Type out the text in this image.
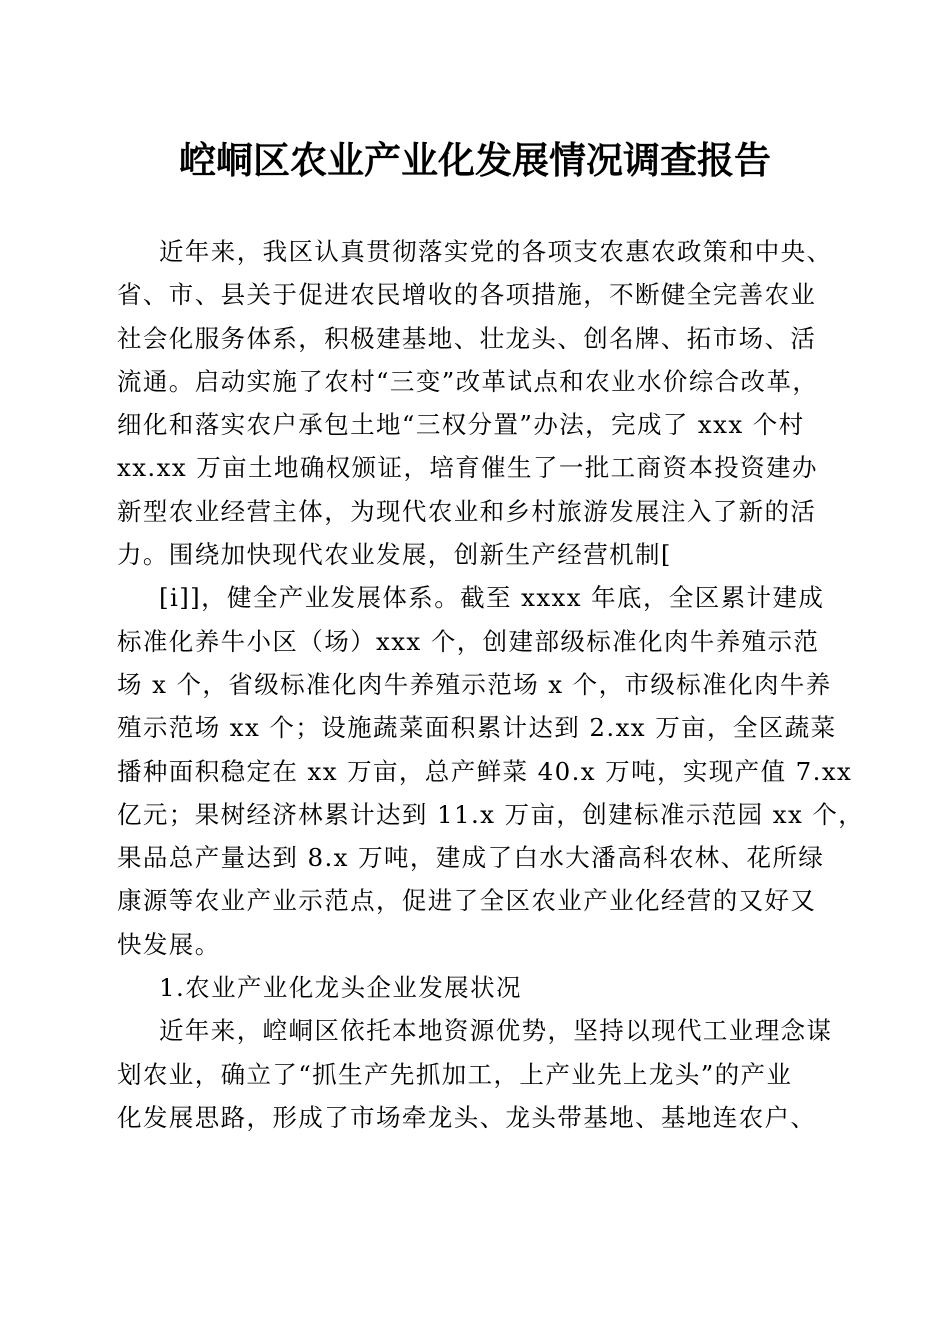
崆峒区农业产业化发展情况调查报告
近年来，我区认真贯彻落实党的各项支农惠农政策和中央、
省、市、县关于促进农民增收的各项措施，不断健全完善农业
社会化服务体系，积极建基地、壮龙头、创名牌、拓市场、活
流通。启动实施了农村“三变”改革试点和农业水价综合改革，
细化和落实农户承包土地“三权分置”办法，完成了 xxx 个村
xx.xx 万亩土地确权颁证，培育催生了一批工商资本投资建办
新型农业经营主体，为现代农业和乡村旅游发展注入了新的活
力。围绕加快现代农业发展，创新生产经营机制[
[i]]，健全产业发展体系。截至 xxxx 年底，全区累计建成
标准化养牛小区（场）xxx 个，创建部级标准化肉牛养殖示范
场 x 个，省级标准化肉牛养殖示范场 x 个，市级标准化肉牛养
殖示范场 xx 个；设施蔬菜面积累计达到 2.xx 万亩，全区蔬菜
播种面积稳定在 xx 万亩，总产鲜菜 40.x 万吨，实现产值 7.xx
亿元；果树经济林累计达到 11.x 万亩，创建标准示范园 xx 个，
果品总产量达到 8.x 万吨，建成了白水大潘高科农林、花所绿
康源等农业产业示范点，促进了全区农业产业化经营的又好又
快发展。
1.农业产业化龙头企业发展状况
近年来，崆峒区依托本地资源优势，坚持以现代工业理念谋
划农业，确立了“抓生产先抓加工，上产业先上龙头”的产业
化发展思路，形成了市场牵龙头、龙头带基地、基地连农户、
